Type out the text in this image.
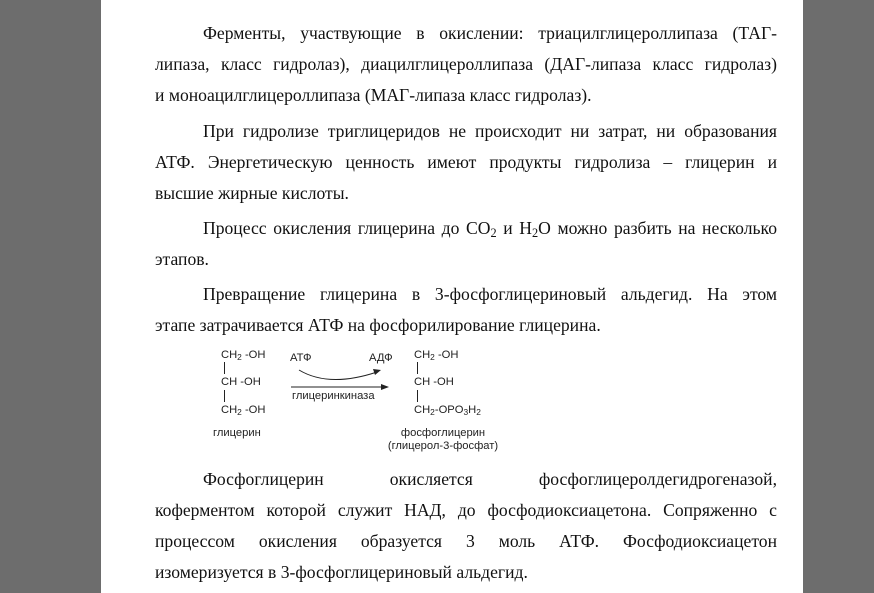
Ферменты, участвующие в окислении: триацилглицероллипаза (ТАГ-

липаза, класс гидролаз), диацилглицероллипаза (ДАГ-липаза класс гидролаз)

и моноацилглицероллипаза (МАГ-липаза класс гидролаз).

При гидролизе триглицеридов не происходит ни затрат, ни образования

АТФ. Энергетическую ценность имеют продукты гидролиза – глицерин и

высшие жирные кислоты.

Процесс окисления глицерина до $СО_2$ и $Н_2О$ можно разбить на несколько

этапов.

Превращение глицерина в 3-фосфоглицериновый альдегид. На этом

этапе затрачивается АТФ на фосфорилирование глицерина.

Фосфоглицерин окисляется фосфоглицеролдегидрогеназой,

коферментом которой служит НАД, до фосфодиоксиацетона. Сопряженно с

процессом окисления образуется 3 моль АТФ. Фосфодиоксиацетон

изомеризуется в 3-фосфоглицериновый альдегид.

CH2 -OH
CH -OH
CH2 -OH
глицерин
АТФ	АДФ
глицеринкиназа
CH2 -OH
CH -OH
CH2-OPO3H2
фосфоглицерин
(глицерол-3-фосфат)
